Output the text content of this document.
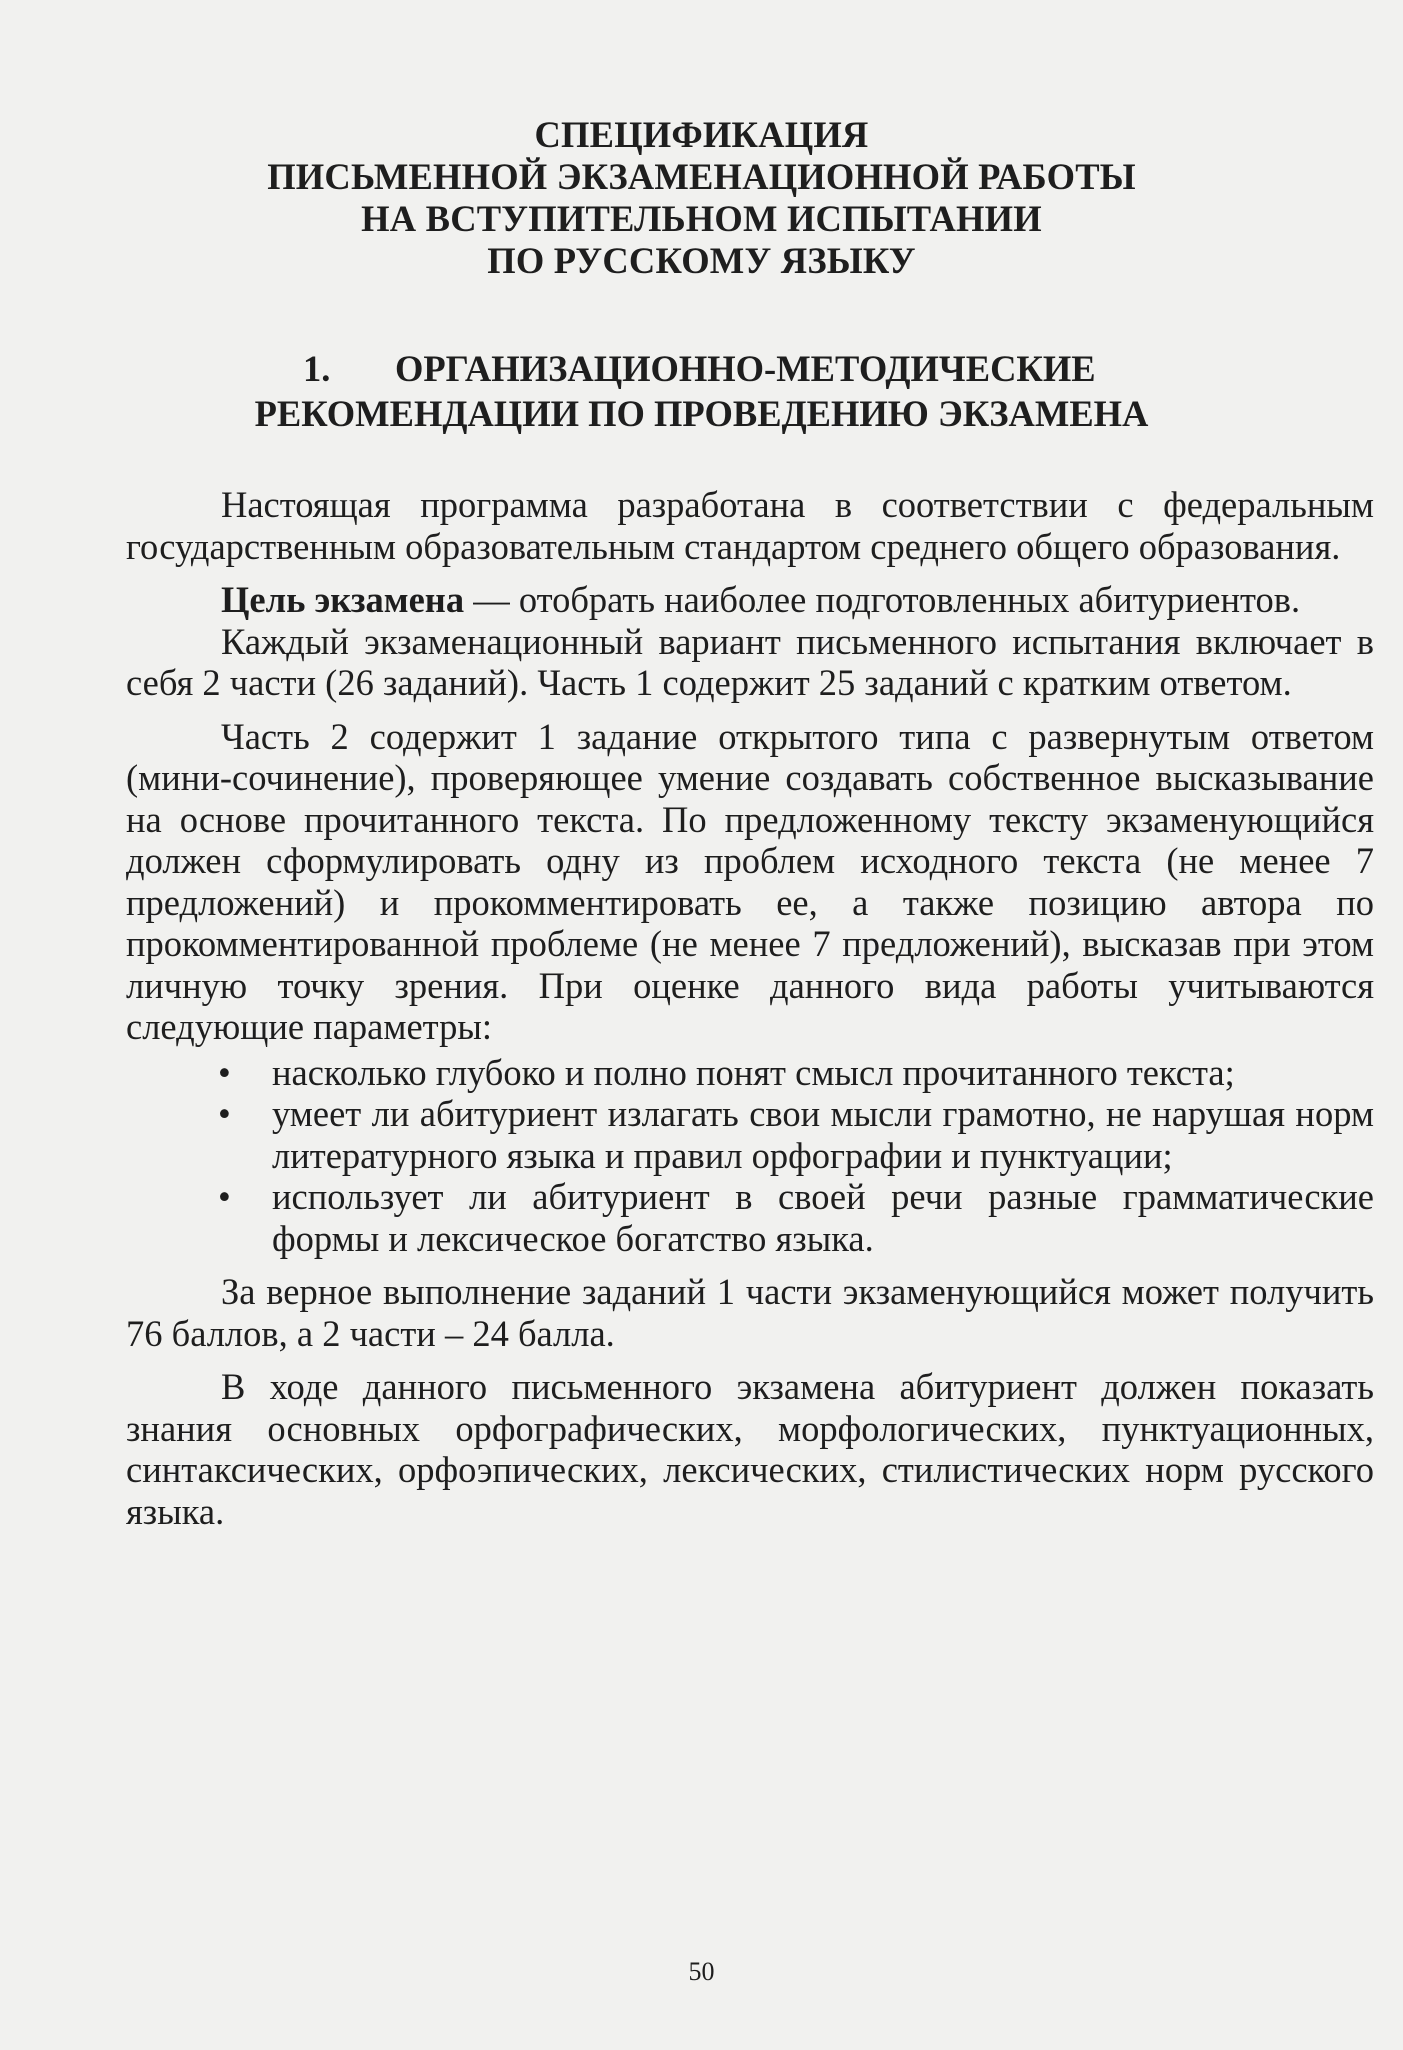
СПЕЦИФИКАЦИЯ
ПИСЬМЕННОЙ ЭКЗАМЕНАЦИОННОЙ РАБОТЫ
НА ВСТУПИТЕЛЬНОМ ИСПЫТАНИИ
ПО РУССКОМУ ЯЗЫКУ
1. ОРГАНИЗАЦИОННО-МЕТОДИЧЕСКИЕ
РЕКОМЕНДАЦИИ ПО ПРОВЕДЕНИЮ ЭКЗАМЕНА

Настоящая программа разработана в соответствии с федеральным государственным образовательным стандартом среднего общего образования.

Цель экзамена — отобрать наиболее подготовленных абитуриентов.

Каждый экзаменационный вариант письменного испытания включает в себя 2 части (26 заданий). Часть 1 содержит 25 заданий с кратким ответом.

Часть 2 содержит 1 задание открытого типа с развернутым ответом (мини-сочинение), проверяющее умение создавать собственное высказывание на основе прочитанного текста. По предложенному тексту экзаменующийся должен сформулировать одну из проблем исходного текста (не менее 7 предложений) и прокомментировать ее, а также позицию автора по прокомментированной проблеме (не менее 7 предложений), высказав при этом личную точку зрения. При оценке данного вида работы учитываются следующие параметры:

• насколько глубоко и полно понят смысл прочитанного текста;
• умеет ли абитуриент излагать свои мысли грамотно, не нарушая норм литературного языка и правил орфографии и пунктуации;
• использует ли абитуриент в своей речи разные грамматические формы и лексическое богатство языка.

За верное выполнение заданий 1 части экзаменующийся может получить 76 баллов, а 2 части – 24 балла.

В ходе данного письменного экзамена абитуриент должен показать знания основных орфографических, морфологических, пунктуационных, синтаксических, орфоэпических, лексических, стилистических норм русского языка.

50
